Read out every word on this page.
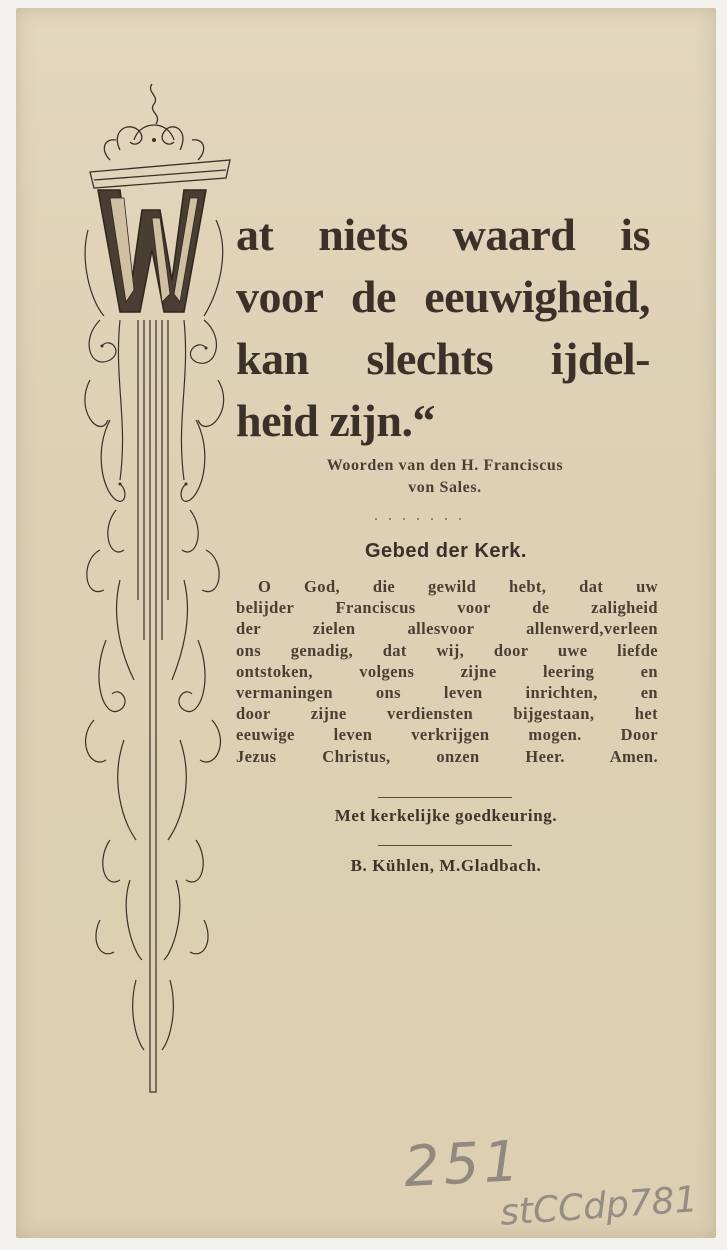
at niets waard is
voor de eeuwigheid,
kan slechts ijdel-
heid zijn.“
Woorden van den H. Franciscus
von Sales.
Gebed der Kerk.
O God, die gewild hebt, dat uw
belijder Franciscus voor de zaligheid
der zielen allesvoor allenwerd,verleen
ons genadig, dat wij, door uwe liefde
ontstoken, volgens zijne leering en
vermaningen ons leven inrichten, en
door zijne verdiensten bijgestaan, het
eeuwige leven verkrijgen mogen. Door
Jezus Christus, onzen Heer. Amen.
Met kerkelijke goedkeuring.
B. Kühlen, M.Gladbach.
251
stCCdp781
